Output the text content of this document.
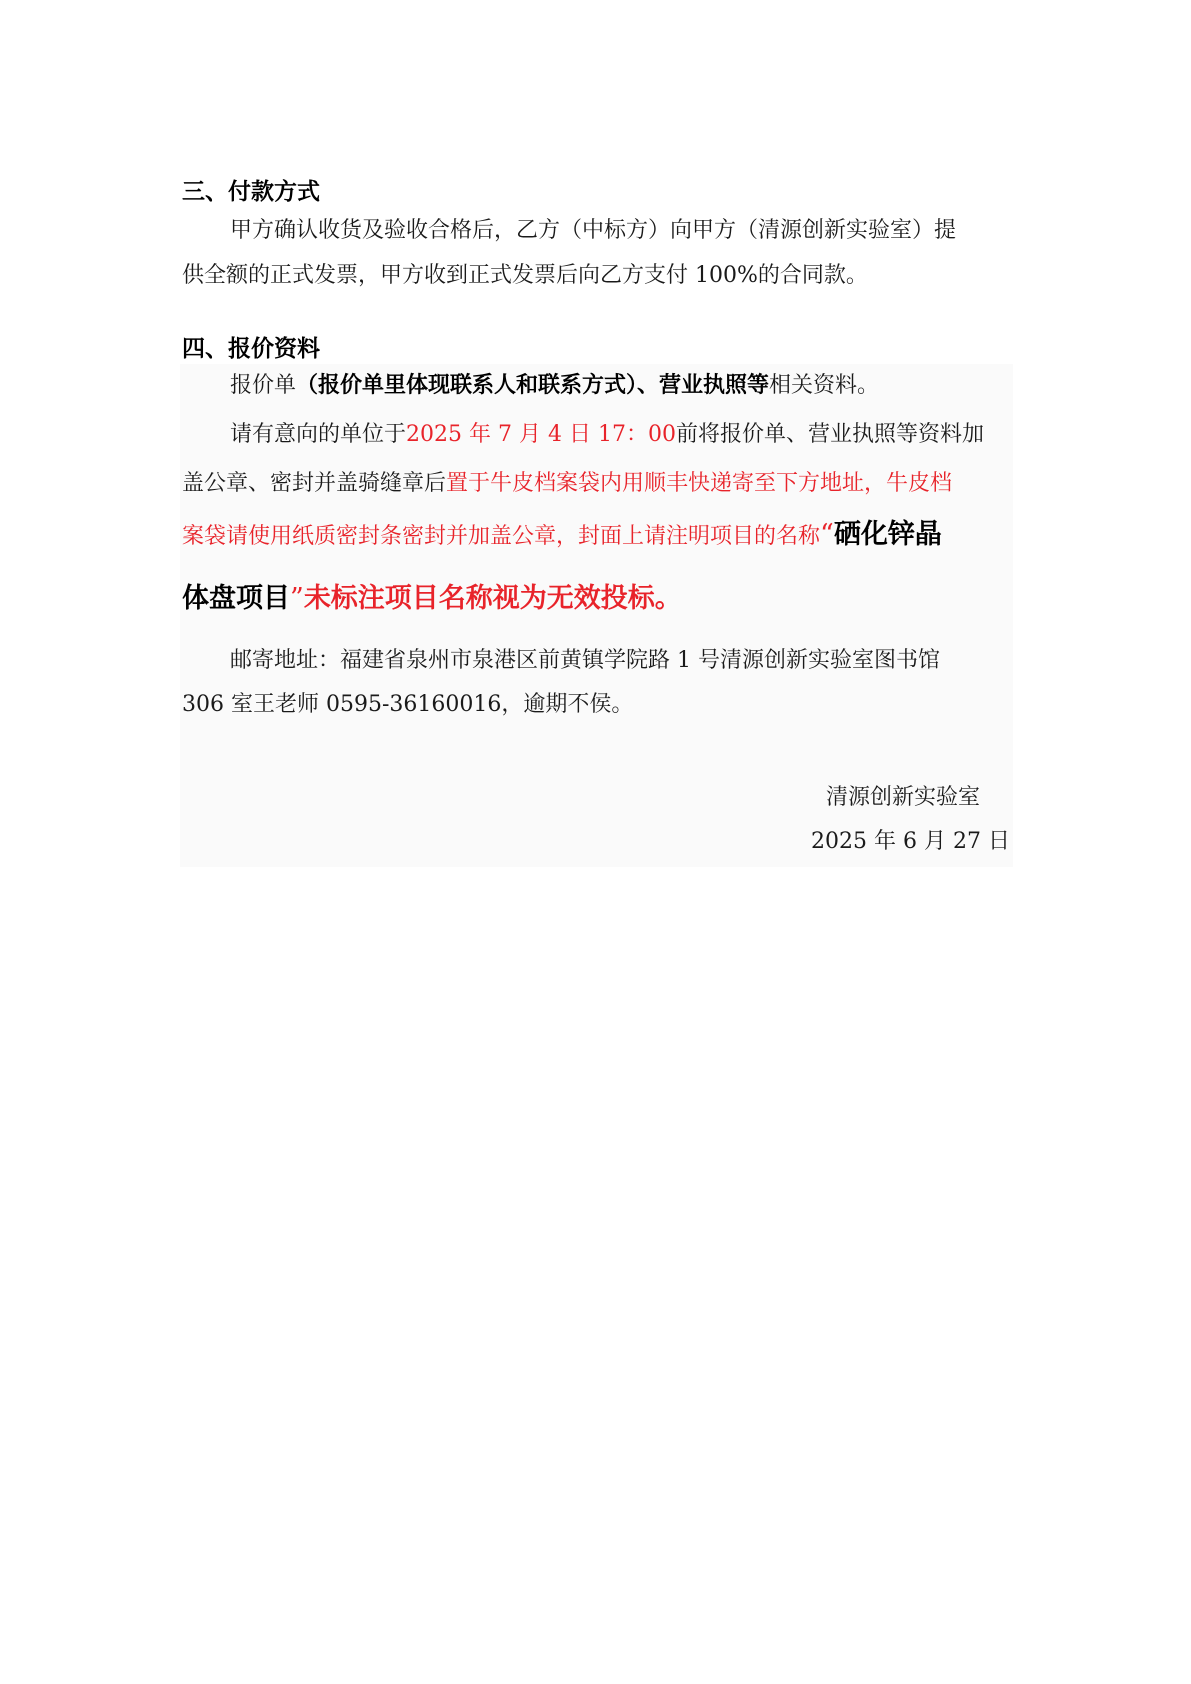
三、付款方式
甲方确认收货及验收合格后，乙方（中标方）向甲方（清源创新实验室）提
供全额的正式发票，甲方收到正式发票后向乙方支付 100%的合同款。
四、报价资料
报价单（报价单里体现联系人和联系方式）、营业执照等相关资料。
请有意向的单位于2025 年 7 月 4 日 17：00前将报价单、营业执照等资料加
盖公章、密封并盖骑缝章后置于牛皮档案袋内用顺丰快递寄至下方地址，牛皮档
案袋请使用纸质密封条密封并加盖公章，封面上请注明项目的名称“硒化锌晶
体盘项目”未标注项目名称视为无效投标。
邮寄地址：福建省泉州市泉港区前黄镇学院路 1 号清源创新实验室图书馆
306 室王老师 0595-36160016，逾期不侯。
清源创新实验室
2025 年 6 月 27 日
